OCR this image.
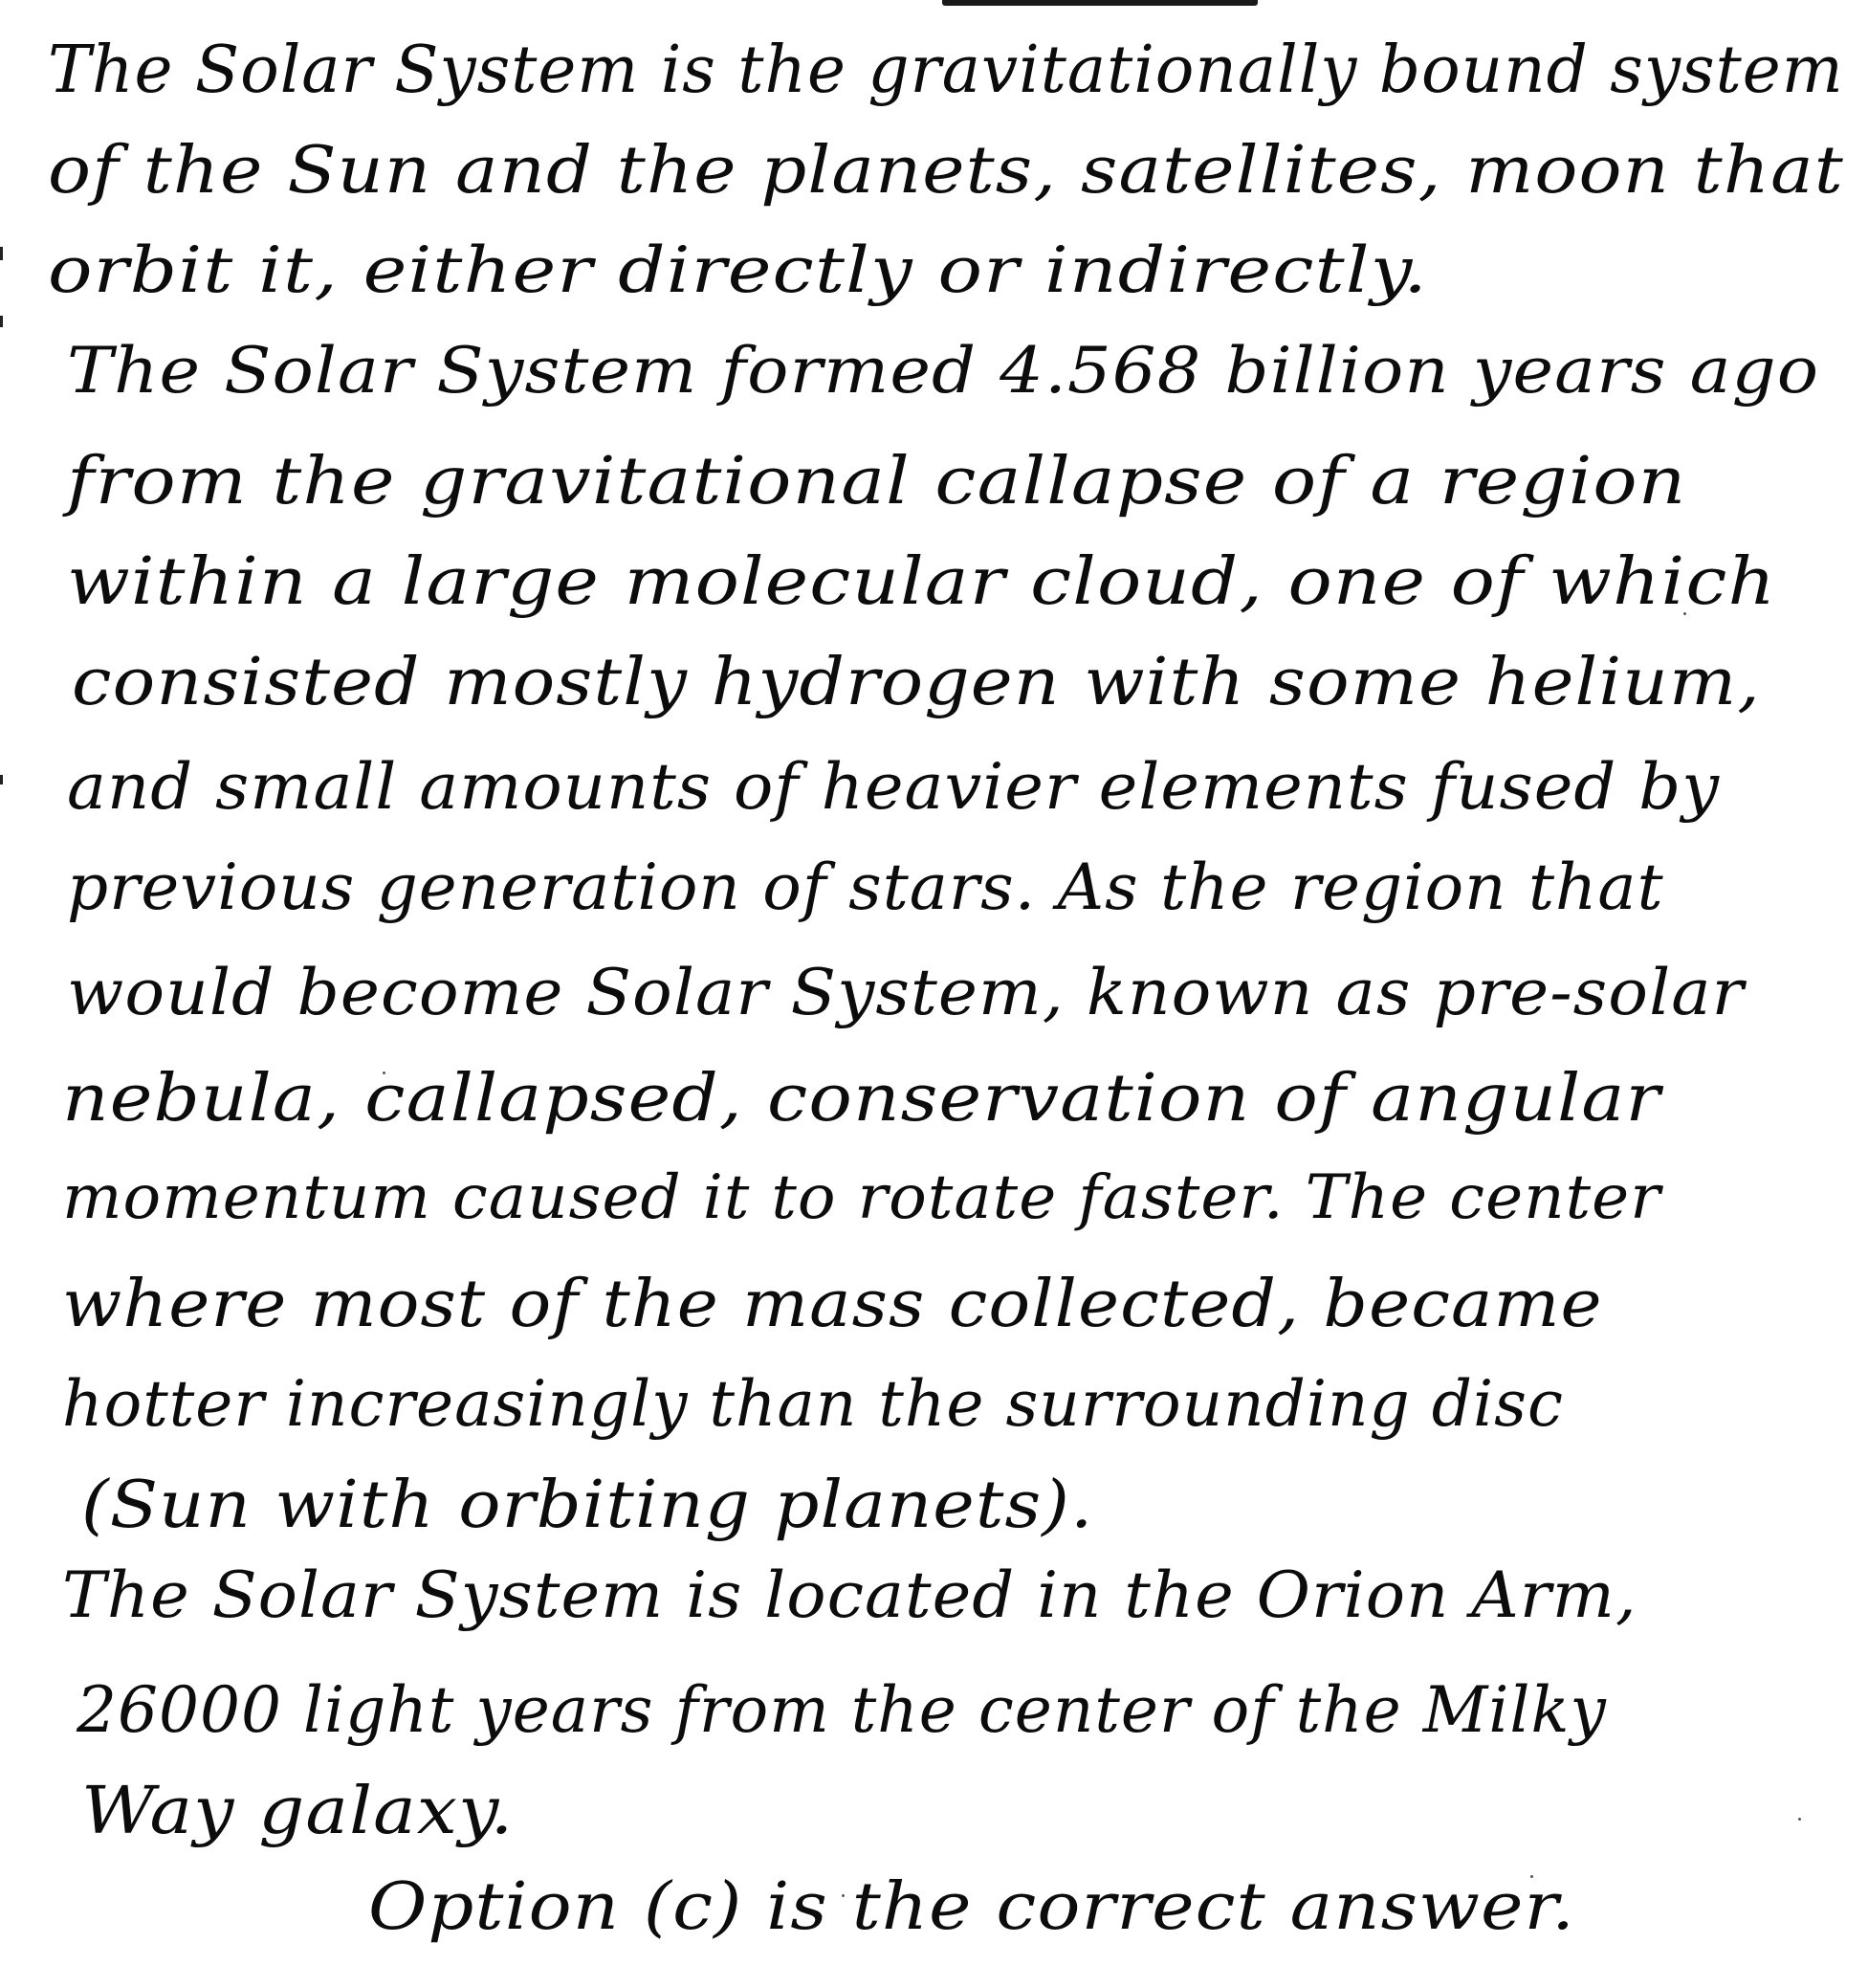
The Solar System is the gravitationally bound system
of the Sun and the planets, satellites, moon that
orbit it, either directly or indirectly.
The Solar System formed 4.568 billion years ago
from the gravitational callapse of a region
within a large molecular cloud, one of which
consisted mostly hydrogen with some helium,
and small amounts of heavier elements fused by
previous generation of stars. As the region that
would become Solar System, known as pre-solar
nebula, callapsed, conservation of angular
momentum caused it to rotate faster. The center
where most of the mass collected, became
hotter increasingly than the surrounding disc
(Sun with orbiting planets).
The Solar System is located in the Orion Arm,
26000 light years from the center of the Milky
Way galaxy.
Option (c) is the correct answer.
